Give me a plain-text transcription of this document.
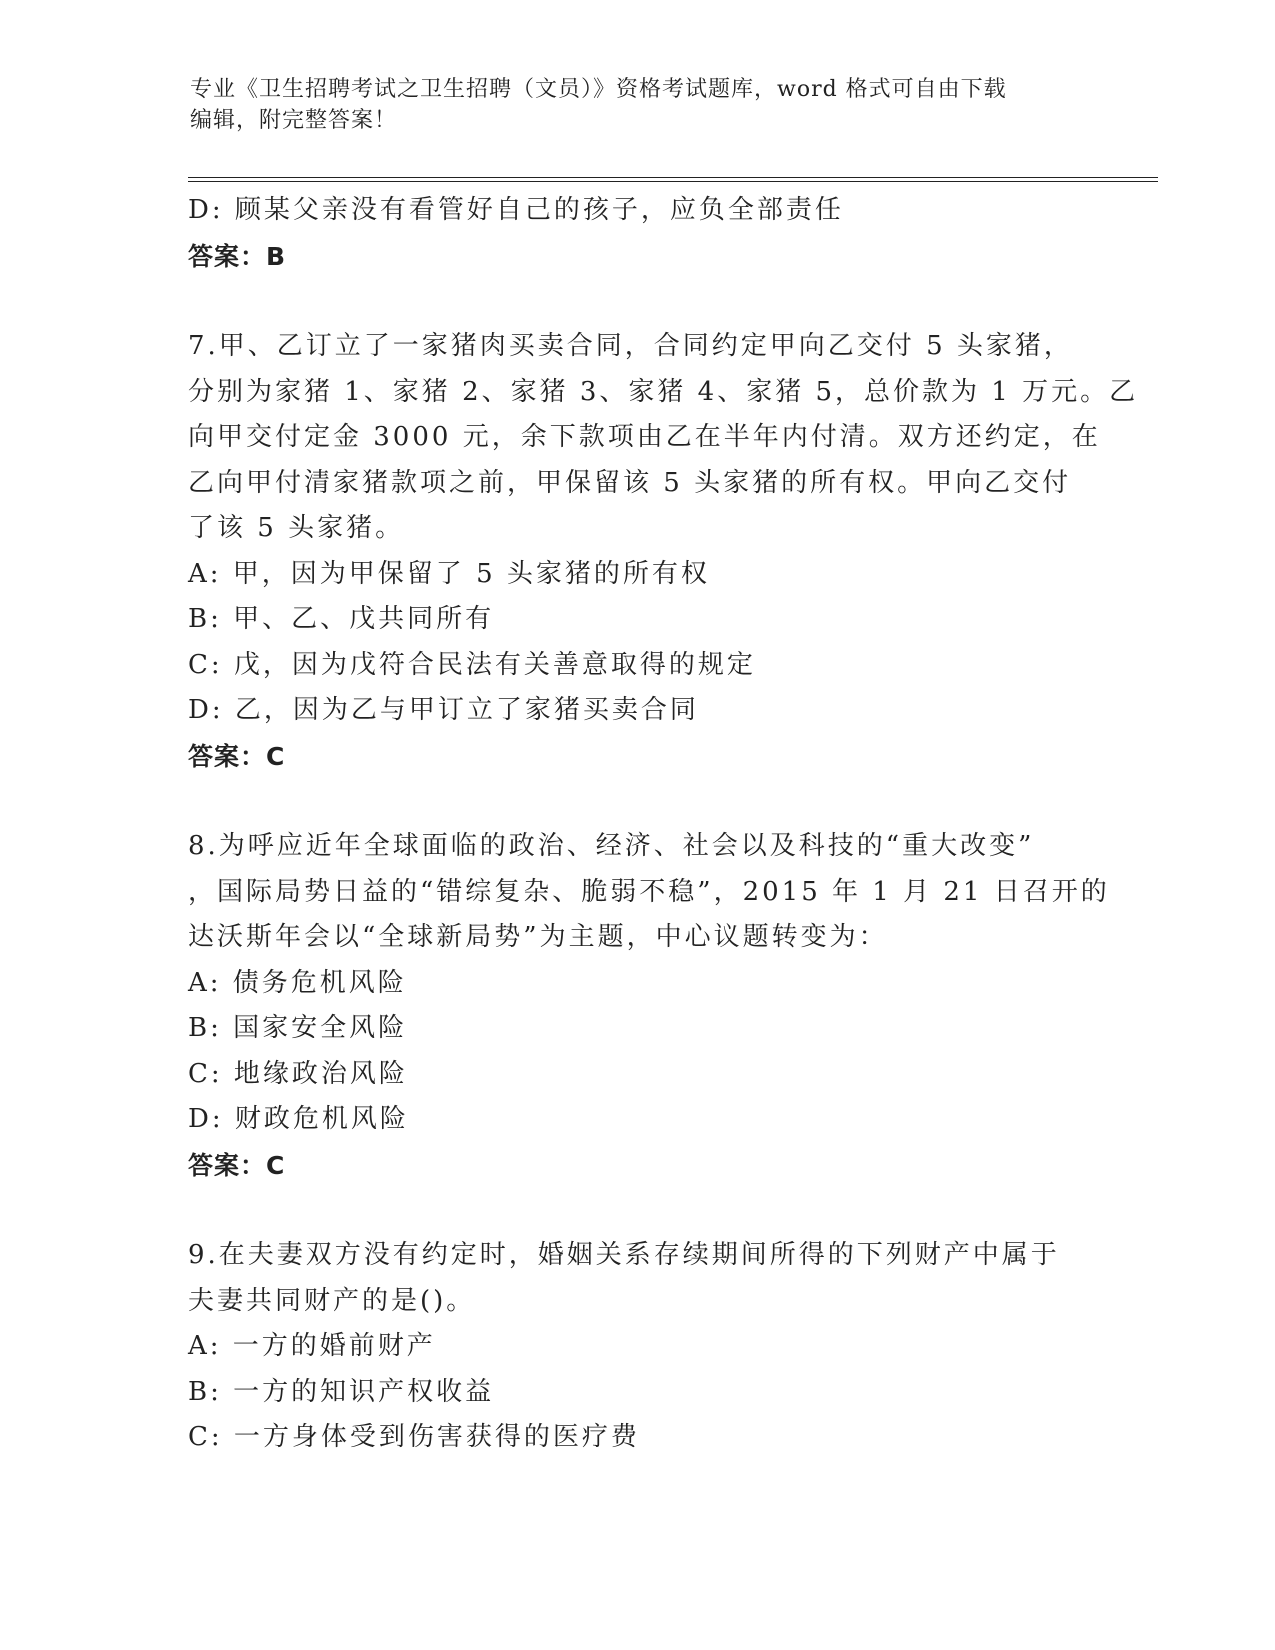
专业《卫生招聘考试之卫生招聘（文员）》资格考试题库，word 格式可自由下载
编辑，附完整答案！
D: 顾某父亲没有看管好自己的孩子，应负全部责任
答案：B
7.甲、乙订立了一家猪肉买卖合同，合同约定甲向乙交付 5 头家猪，
分别为家猪 1、家猪 2、家猪 3、家猪 4、家猪 5，总价款为 1 万元。乙
向甲交付定金 3000 元，余下款项由乙在半年内付清。双方还约定，在
乙向甲付清家猪款项之前，甲保留该 5 头家猪的所有权。甲向乙交付
了该 5 头家猪。
A: 甲，因为甲保留了 5 头家猪的所有权
B: 甲、乙、戊共同所有
C: 戊，因为戊符合民法有关善意取得的规定
D: 乙，因为乙与甲订立了家猪买卖合同
答案：C
8.为呼应近年全球面临的政治、经济、社会以及科技的“重大改变”
，国际局势日益的“错综复杂、脆弱不稳”，2015 年 1 月 21 日召开的
达沃斯年会以“全球新局势”为主题，中心议题转变为：
A: 债务危机风险
B: 国家安全风险
C: 地缘政治风险
D: 财政危机风险
答案：C
9.在夫妻双方没有约定时，婚姻关系存续期间所得的下列财产中属于
夫妻共同财产的是()。
A: 一方的婚前财产
B: 一方的知识产权收益
C: 一方身体受到伤害获得的医疗费
